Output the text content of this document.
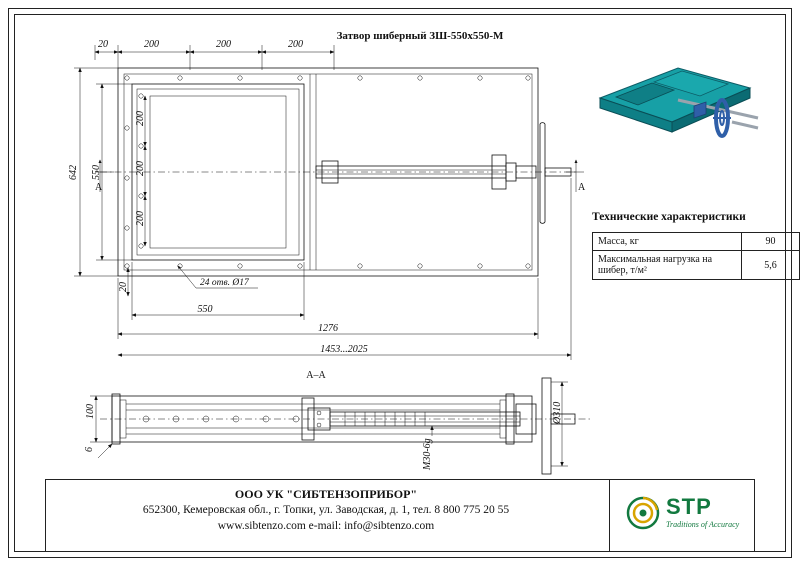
Затвор шиберный ЗШ-550х550-М
A	A
20	200	200	200
642 550
200
200
200
20	24 отв. Ø17
550
1276
1453...2025
A–A
100
6	М30-6g
Ø310
Технические характеристики
Масса, кг	90
Максимальная нагрузка на шибер, т/м²	5,6
ООО УК "СИБТЕНЗОПРИБОР"
652300, Кемеровская обл., г. Топки, ул. Заводская, д. 1, тел. 8 800 775 20 55
www.sibtenzo.com e-mail: info@sibtenzo.com
STP
Traditions of Accuracy
